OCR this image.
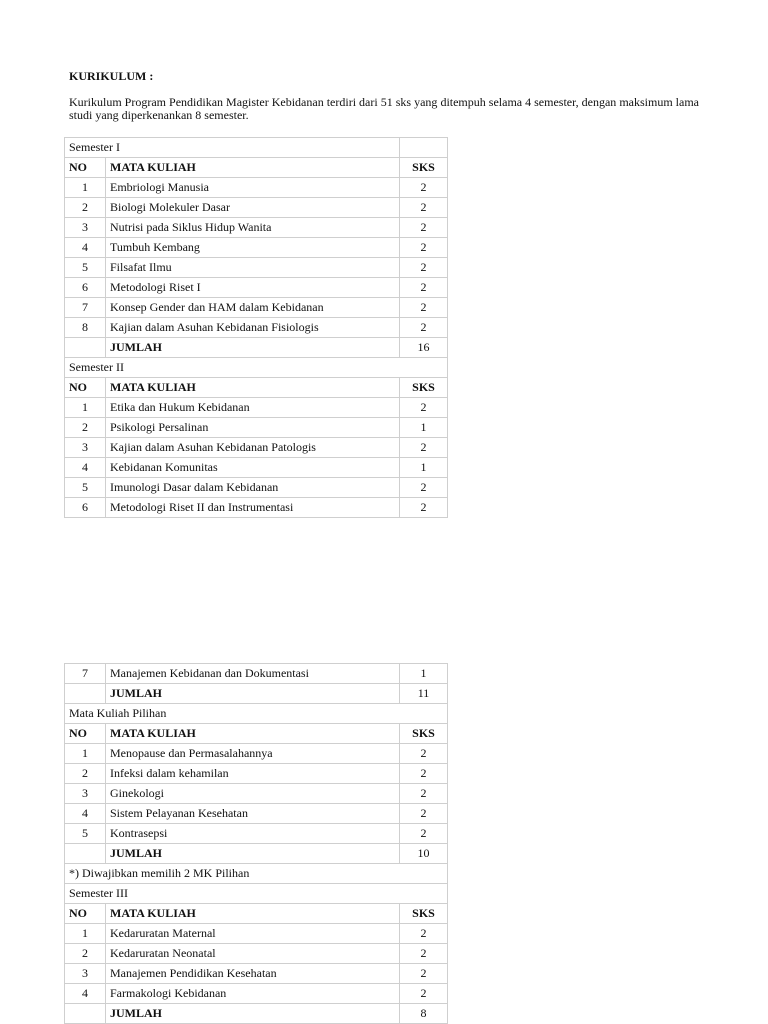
KURIKULUM :
Kurikulum Program Pendidikan Magister Kebidanan terdiri dari 51 sks yang ditempuh selama 4 semester, dengan maksimum lama studi yang diperkenankan 8 semester.
Semester I		
NO	MATA KULIAH	SKS
1	Embriologi Manusia	2
2	Biologi Molekuler Dasar	2
3	Nutrisi pada Siklus Hidup Wanita	2
4	Tumbuh Kembang	2
5	Filsafat Ilmu	2
6	Metodologi Riset I	2
7	Konsep Gender dan HAM dalam Kebidanan	2
8	Kajian dalam Asuhan Kebidanan Fisiologis	2
	JUMLAH	16
Semester II		
NO	MATA KULIAH	SKS
1	Etika dan Hukum Kebidanan	2
2	Psikologi Persalinan	1
3	Kajian dalam Asuhan Kebidanan Patologis	2
4	Kebidanan Komunitas	1
5	Imunologi Dasar dalam Kebidanan	2
6	Metodologi Riset II dan Instrumentasi	2
7	Manajemen Kebidanan dan Dokumentasi	1
	JUMLAH	11
Mata Kuliah Pilihan		
NO	MATA KULIAH	SKS
1	Menopause dan Permasalahannya	2
2	Infeksi dalam kehamilan	2
3	Ginekologi	2
4	Sistem Pelayanan Kesehatan	2
5	Kontrasepsi	2
	JUMLAH	10
*) Diwajibkan memilih 2 MK Pilihan		
Semester III		
NO	MATA KULIAH	SKS
1	Kedaruratan Maternal	2
2	Kedaruratan Neonatal	2
3	Manajemen Pendidikan Kesehatan	2
4	Farmakologi Kebidanan	2
	JUMLAH	8
